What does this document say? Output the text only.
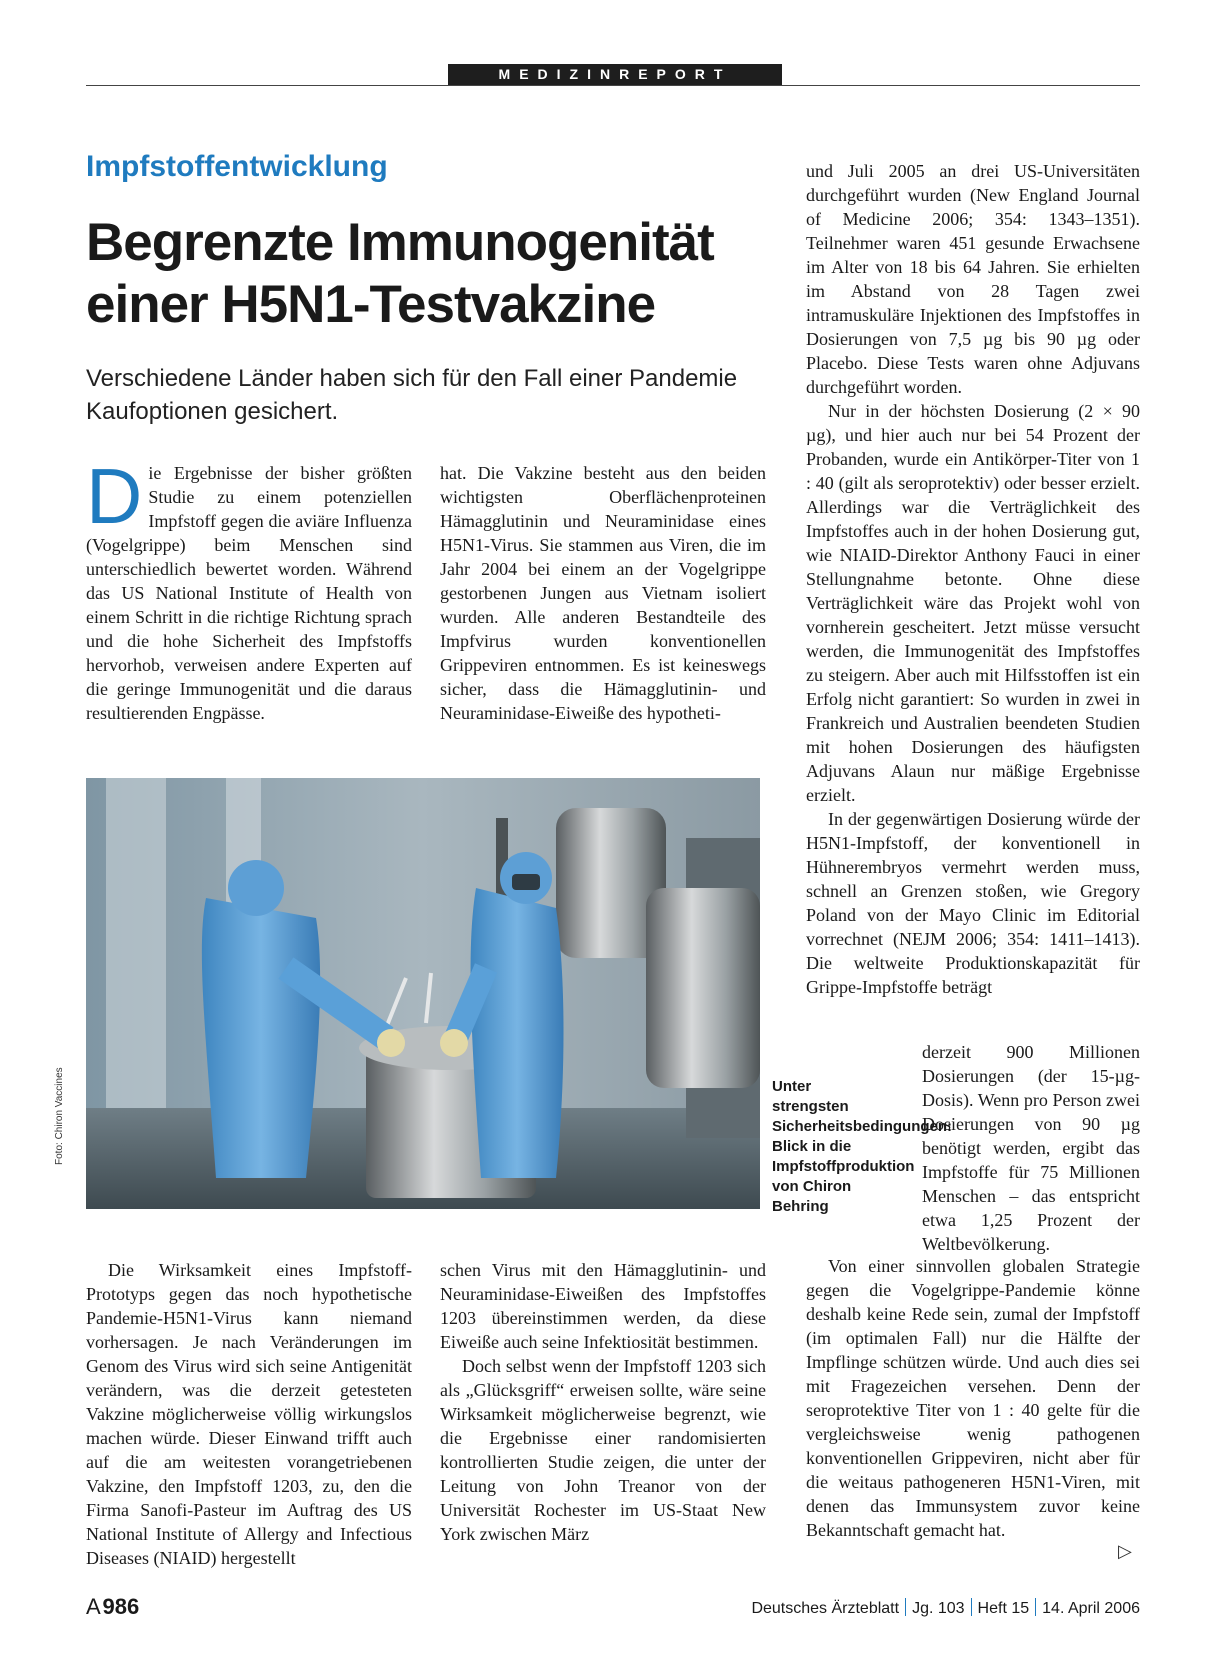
MEDIZINREPORT
Impfstoffentwicklung
Begrenzte Immunogenität
einer H5N1-Testvakzine
Verschiedene Länder haben sich für den Fall einer Pandemie Kaufoptionen gesichert.

Die Ergebnisse der bisher größten Studie zu einem potenziellen Impfstoff gegen die aviäre Influenza (Vogelgrippe) beim Menschen sind unterschiedlich bewertet worden. Während das US National Institute of Health von einem Schritt in die richtige Richtung sprach und die hohe Sicherheit des Impfstoffs hervorhob, verweisen andere Experten auf die geringe Immunogenität und die daraus resultierenden Engpässe.

hat. Die Vakzine besteht aus den beiden wichtigsten Oberflächenproteinen Hämagglutinin und Neuraminidase eines H5N1-Virus. Sie stammen aus Viren, die im Jahr 2004 bei einem an der Vogelgrippe gestorbenen Jungen aus Vietnam isoliert wurden. Alle anderen Bestandteile des Impfvirus wurden konventionellen Grippeviren entnommen. Es ist keineswegs sicher, dass die Hämagglutinin- und Neuraminidase-Eiweiße des hypotheti-

Foto: Chiron Vaccines	Unter strengsten Sicherheitsbedingungen: Blick in die Impfstoffproduktion von Chiron Behring

Die Wirksamkeit eines Impfstoff-Prototyps gegen das noch hypothetische Pandemie-H5N1-Virus kann niemand vorhersagen. Je nach Veränderungen im Genom des Virus wird sich seine Antigenität verändern, was die derzeit getesteten Vakzine möglicherweise völlig wirkungslos machen würde. Dieser Einwand trifft auch auf die am weitesten vorangetriebenen Vakzine, den Impfstoff 1203, zu, den die Firma Sanofi-Pasteur im Auftrag des US National Institute of Allergy and Infectious Diseases (NIAID) hergestellt

schen Virus mit den Hämagglutinin- und Neuraminidase-Eiweißen des Impfstoffes 1203 übereinstimmen werden, da diese Eiweiße auch seine Infektiosität bestimmen.

Doch selbst wenn der Impfstoff 1203 sich als „Glücksgriff“ erweisen sollte, wäre seine Wirksamkeit möglicherweise begrenzt, wie die Ergebnisse einer randomisierten kontrollierten Studie zeigen, die unter der Leitung von John Treanor von der Universität Rochester im US-Staat New York zwischen März

und Juli 2005 an drei US-Universitäten durchgeführt wurden (New England Journal of Medicine 2006; 354: 1343–1351). Teilnehmer waren 451 gesunde Erwachsene im Alter von 18 bis 64 Jahren. Sie erhielten im Abstand von 28 Tagen zwei intramuskuläre Injektionen des Impfstoffes in Dosierungen von 7,5 µg bis 90 µg oder Placebo. Diese Tests waren ohne Adjuvans durchgeführt worden.

Nur in der höchsten Dosierung (2 × 90 µg), und hier auch nur bei 54 Prozent der Probanden, wurde ein Antikörper-Titer von 1 : 40 (gilt als seroprotektiv) oder besser erzielt. Allerdings war die Verträglichkeit des Impfstoffes auch in der hohen Dosierung gut, wie NIAID-Direktor Anthony Fauci in einer Stellungnahme betonte. Ohne diese Verträglichkeit wäre das Projekt wohl von vornherein gescheitert. Jetzt müsse versucht werden, die Immunogenität des Impfstoffes zu steigern. Aber auch mit Hilfsstoffen ist ein Erfolg nicht garantiert: So wurden in zwei in Frankreich und Australien beendeten Studien mit hohen Dosierungen des häufigsten Adjuvans Alaun nur mäßige Ergebnisse erzielt.

In der gegenwärtigen Dosierung würde der H5N1-Impfstoff, der konventionell in Hühnerembryos vermehrt werden muss, schnell an Grenzen stoßen, wie Gregory Poland von der Mayo Clinic im Editorial vorrechnet (NEJM 2006; 354: 1411–1413). Die weltweite Produktionskapazität für Grippe-Impfstoffe beträgt

derzeit 900 Millionen Dosierungen (der 15-µg-Dosis). Wenn pro Person zwei Dosierungen von 90 µg benötigt werden, ergibt das Impfstoffe für 75 Millionen Menschen – das entspricht etwa 1,25 Prozent der Weltbevölkerung.

Von einer sinnvollen globalen Strategie gegen die Vogelgrippe-Pandemie könne deshalb keine Rede sein, zumal der Impfstoff (im optimalen Fall) nur die Hälfte der Impflinge schützen würde. Und auch dies sei mit Fragezeichen versehen. Denn der seroprotektive Titer von 1 : 40 gelte für die vergleichsweise wenig pathogenen konventionellen Grippeviren, nicht aber für die weitaus pathogeneren H5N1-Viren, mit denen das Immunsystem zuvor keine Bekanntschaft gemacht hat.

▷
A 986	Deutsches Ärzteblatt Jg. 103 Heft 15 14. April 2006
